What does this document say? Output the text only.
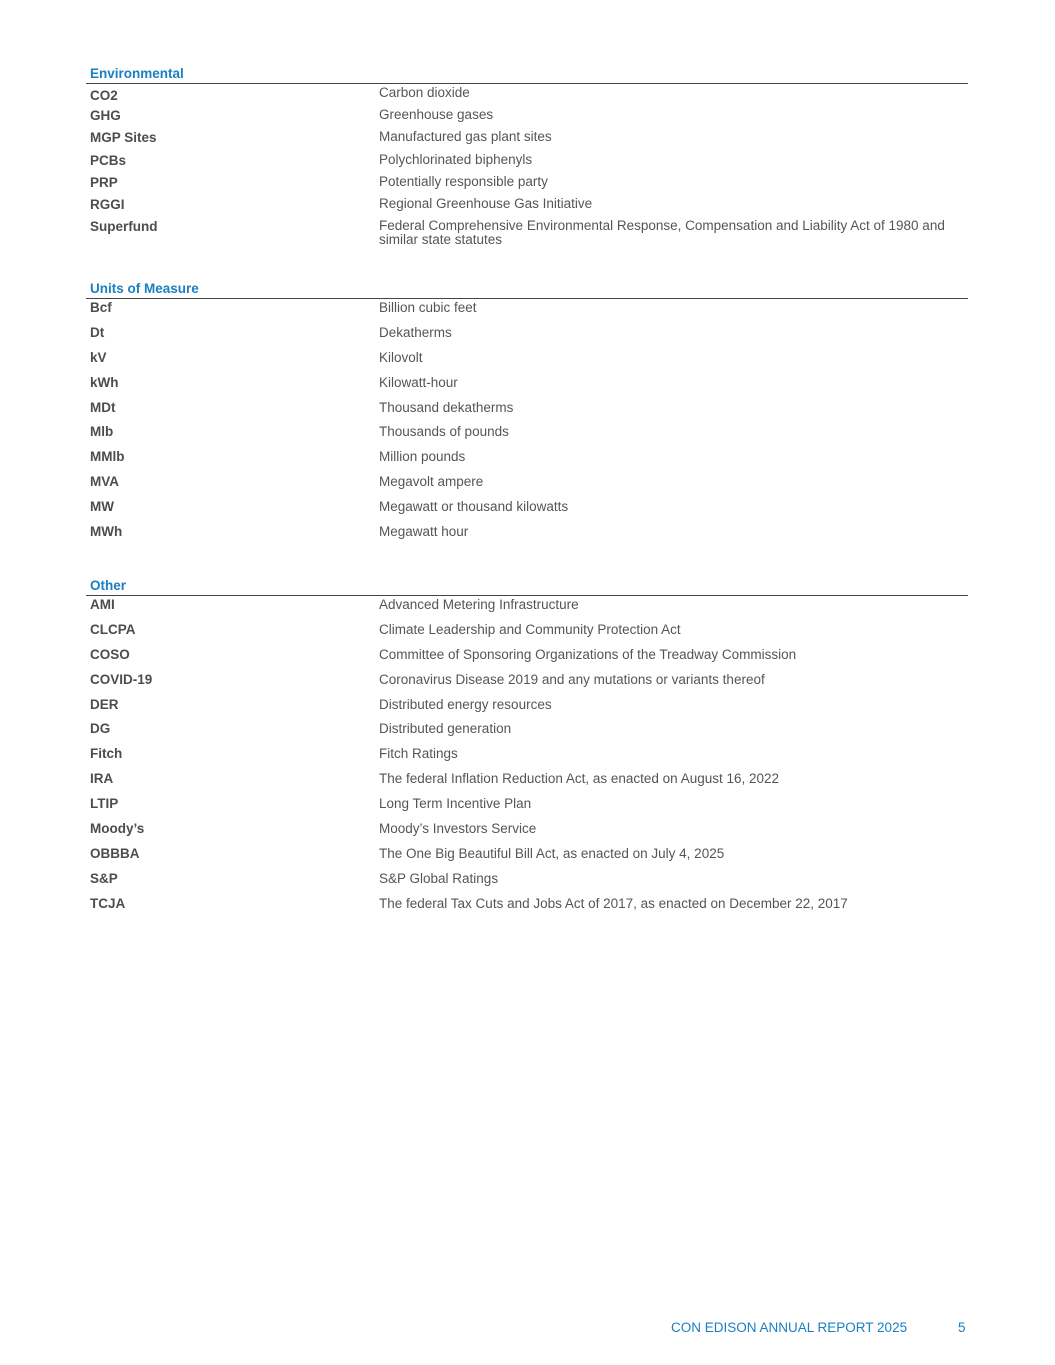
Environmental
CO2	Carbon dioxide
GHG	Greenhouse gases
MGP Sites	Manufactured gas plant sites
PCBs	Polychlorinated biphenyls
PRP	Potentially responsible party
RGGI	Regional Greenhouse Gas Initiative
Superfund	Federal Comprehensive Environmental Response, Compensation and Liability Act of 1980 and similar state statutes
Units of Measure
Bcf	Billion cubic feet
Dt	Dekatherms
kV	Kilovolt
kWh	Kilowatt-hour
MDt	Thousand dekatherms
Mlb	Thousands of pounds
MMlb	Million pounds
MVA	Megavolt ampere
MW	Megawatt or thousand kilowatts
MWh	Megawatt hour
Other
AMI	Advanced Metering Infrastructure
CLCPA	Climate Leadership and Community Protection Act
COSO	Committee of Sponsoring Organizations of the Treadway Commission
COVID-19	Coronavirus Disease 2019 and any mutations or variants thereof
DER	Distributed energy resources
DG	Distributed generation
Fitch	Fitch Ratings
IRA	The federal Inflation Reduction Act, as enacted on August 16, 2022
LTIP	Long Term Incentive Plan
Moody’s	Moody’s Investors Service
OBBBA	The One Big Beautiful Bill Act, as enacted on July 4, 2025
S&P	S&P Global Ratings
TCJA	The federal Tax Cuts and Jobs Act of 2017, as enacted on December 22, 2017
CON EDISON ANNUAL REPORT 2025	5
